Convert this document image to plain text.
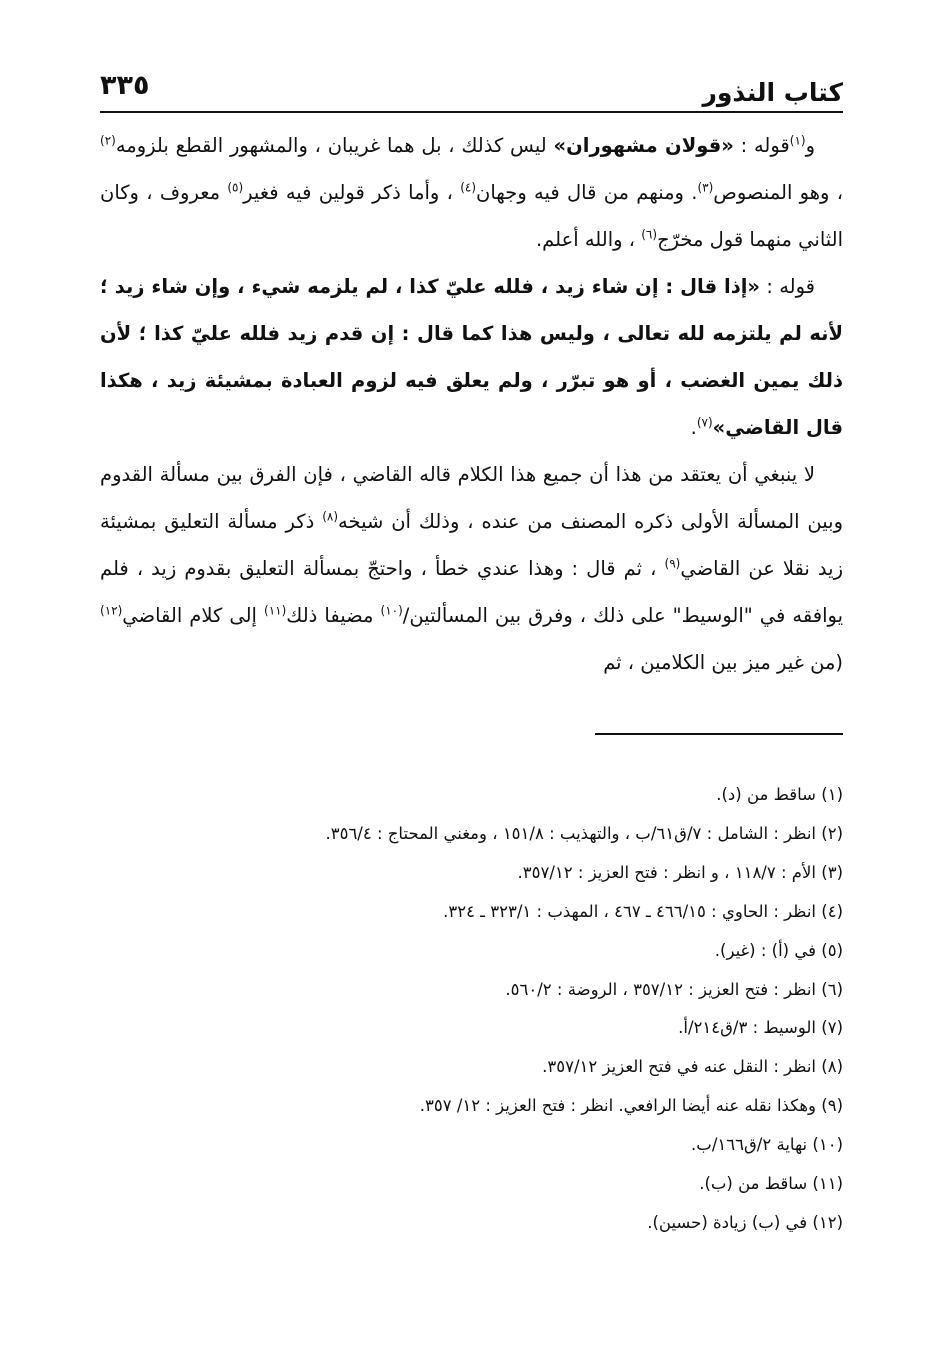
٣٣٥	كتاب النذور

و$^{(١)}$قوله : «قولان مشهوران» ليس كذلك ، بل هما غريبان ، والمشهور القطع بلزومه$^{(٢)}$ ، وهو المنصوص$^{(٣)}$. ومنهم من قال فيه وجهان$^{(٤)}$ ، وأما ذكر قولين فيه فغير$^{(٥)}$ معروف ، وكان الثاني منهما قول مخرّج$^{(٦)}$ ، والله أعلم.

قوله : «إذا قال : إن شاء زيد ، فلله عليّ كذا ، لم يلزمه شيء ، وإن شاء زيد ؛ لأنه لم يلتزمه لله تعالى ، وليس هذا كما قال : إن قدم زيد فلله عليّ كذا ؛ لأن ذلك يمين الغضب ، أو هو تبرّر ، ولم يعلق فيه لزوم العبادة بمشيئة زيد ، هكذا قال القاضي»$^{(٧)}$.

لا ينبغي أن يعتقد من هذا أن جميع هذا الكلام قاله القاضي ، فإن الفرق بين مسألة القدوم وبين المسألة الأولى ذكره المصنف من عنده ، وذلك أن شيخه$^{(٨)}$ ذكر مسألة التعليق بمشيئة زيد نقلا عن القاضي$^{(٩)}$ ، ثم قال : وهذا عندي خطأ ، واحتجّ بمسألة التعليق بقدوم زيد ، فلم يوافقه في "الوسيط" على ذلك ، وفرق بين المسألتين/$^{(١٠)}$ مضيفا ذلك$^{(١١)}$ إلى كلام القاضي$^{(١٢)}$ (من غير ميز بين الكلامين ، ثم

(١) ساقط من (د).
(٢) انظر : الشامل : ٧/ق٦١/ب ، والتهذيب : ١٥١/٨ ، ومغني المحتاج : ٣٥٦/٤.
(٣) الأم : ١١٨/٧ ، و انظر : فتح العزيز : ٣٥٧/١٢.
(٤) انظر : الحاوي : ٤٦٦/١٥ ـ ٤٦٧ ، المهذب : ٣٢٣/١ ـ ٣٢٤.
(٥) في (أ) : (غير).
(٦) انظر : فتح العزيز : ٣٥٧/١٢ ، الروضة : ٥٦٠/٢.
(٧) الوسيط : ٣/ق٢١٤/أ.
(٨) انظر : النقل عنه في فتح العزيز ٣٥٧/١٢.
(٩) وهكذا نقله عنه أيضا الرافعي. انظر : فتح العزيز : ١٢/ ٣٥٧.
(١٠) نهاية ٢/ق١٦٦/ب.
(١١) ساقط من (ب).
(١٢) في (ب) زيادة (حسين).
